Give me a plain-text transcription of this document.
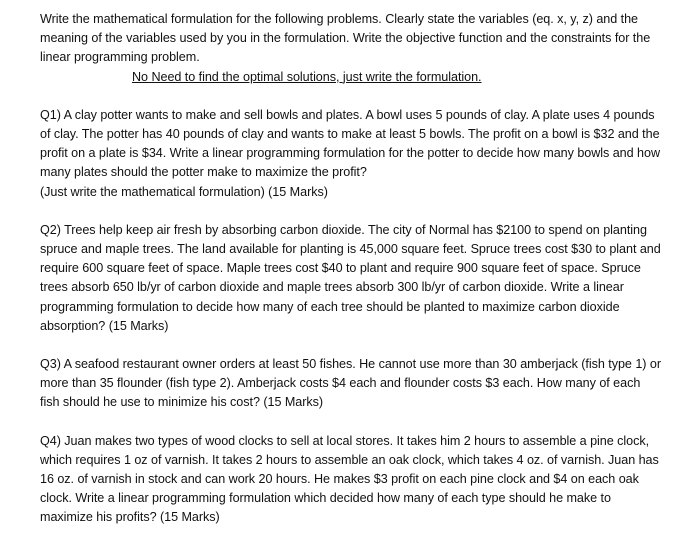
Write the mathematical formulation for the following problems. Clearly state the variables (eq. x, y, z) and the meaning of the variables used by you in the formulation. Write the objective function and the constraints for the linear programming problem.

No Need to find the optimal solutions, just write the formulation.

Q1) A clay potter wants to make and sell bowls and plates. A bowl uses 5 pounds of clay. A plate uses 4 pounds of clay. The potter has 40 pounds of clay and wants to make at least 5 bowls. The profit on a bowl is $32 and the profit on a plate is $34. Write a linear programming formulation for the potter to decide how many bowls and how many plates should the potter make to maximize the profit?

(Just write the mathematical formulation) (15 Marks)

Q2) Trees help keep air fresh by absorbing carbon dioxide. The city of Normal has $2100 to spend on planting spruce and maple trees. The land available for planting is 45,000 square feet. Spruce trees cost $30 to plant and require 600 square feet of space. Maple trees cost $40 to plant and require 900 square feet of space. Spruce trees absorb 650 lb/yr of carbon dioxide and maple trees absorb 300 lb/yr of carbon dioxide. Write a linear programming formulation to decide how many of each tree should be planted to maximize carbon dioxide absorption? (15 Marks)

Q3) A seafood restaurant owner orders at least 50 fishes. He cannot use more than 30 amberjack (fish type 1) or more than 35 flounder (fish type 2). Amberjack costs $4 each and flounder costs $3 each. How many of each fish should he use to minimize his cost? (15 Marks)

Q4) Juan makes two types of wood clocks to sell at local stores. It takes him 2 hours to assemble a pine clock, which requires 1 oz of varnish. It takes 2 hours to assemble an oak clock, which takes 4 oz. of varnish. Juan has 16 oz. of varnish in stock and can work 20 hours. He makes $3 profit on each pine clock and $4 on each oak clock. Write a linear programming formulation which decided how many of each type should he make to maximize his profits? (15 Marks)
